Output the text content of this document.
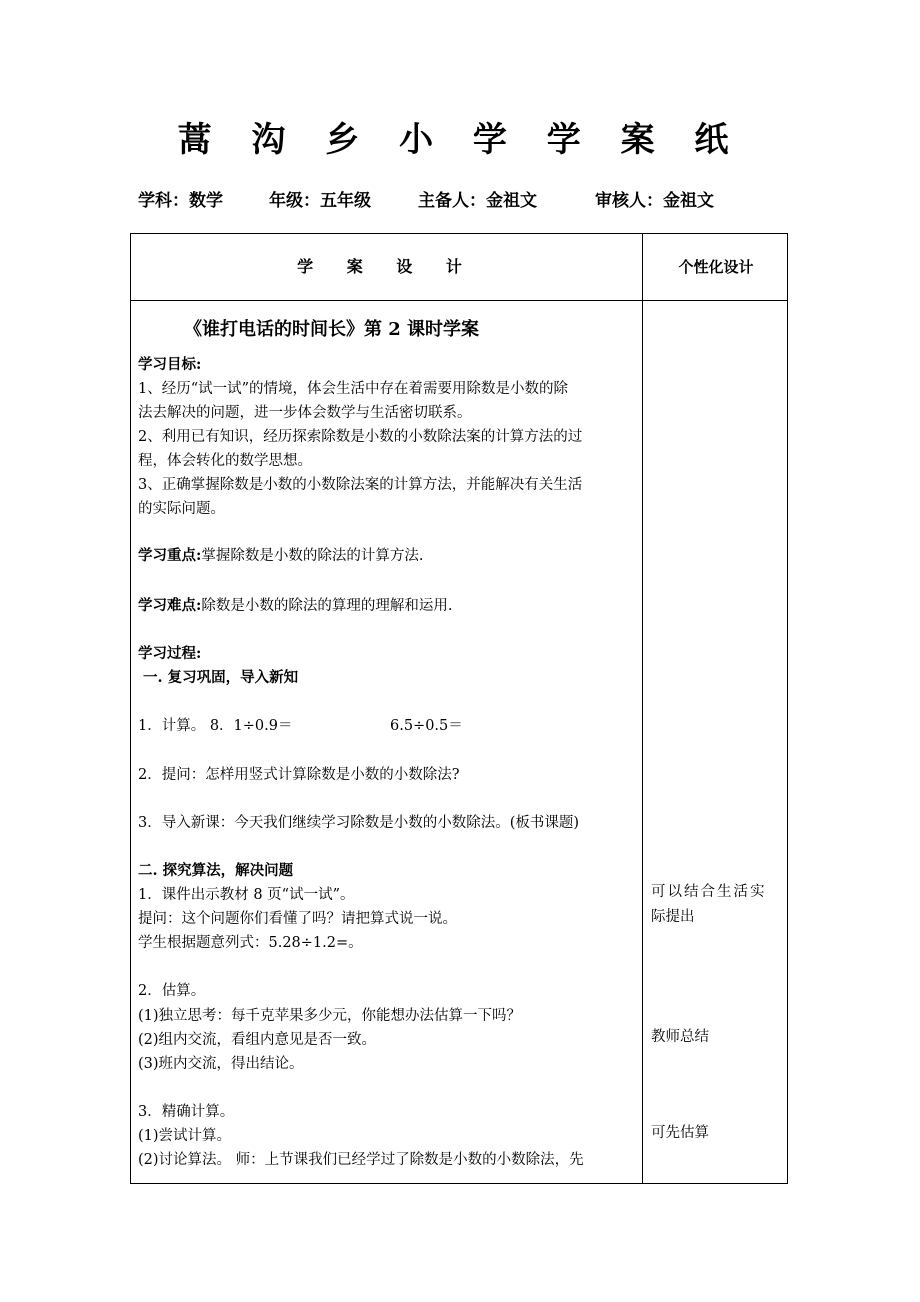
蒿 沟 乡 小 学 学 案 纸
学科：数学	年级：五年级	主备人：金祖文	审核人：金祖文
学 案 设 计	个性化设计
《谁打电话的时间长》第 2 课时学案
学习目标:
1、经历“试一试”的情境，体会生活中存在着需要用除数是小数的除
法去解决的问题，进一步体会数学与生活密切联系。
2、利用已有知识，经历探索除数是小数的小数除法案的计算方法的过
程，体会转化的数学思想。
3、正确掌握除数是小数的小数除法案的计算方法，并能解决有关生活
的实际问题。
学习重点:掌握除数是小数的除法的计算方法.
学习难点:除数是小数的除法的算理的理解和运用.
学习过程:
一. 复习巩固，导入新知
1．计算。 8．1÷0.9＝	6.5÷0.5＝
2．提问：怎样用竖式计算除数是小数的小数除法?
3．导入新课：今天我们继续学习除数是小数的小数除法。(板书课题)
二. 探究算法，解决问题
1．课件出示教材 8 页“试一试”。
提问：这个问题你们看懂了吗？请把算式说一说。
学生根据题意列式：5.28÷1.2=。
2．估算。
(1)独立思考：每千克苹果多少元，你能想办法估算一下吗？
(2)组内交流，看组内意见是否一致。
(3)班内交流，得出结论。
3．精确计算。
(1)尝试计算。
(2)讨论算法。 师：上节课我们已经学过了除数是小数的小数除法，先
可以结合生活实
际提出
教师总结
可先估算
